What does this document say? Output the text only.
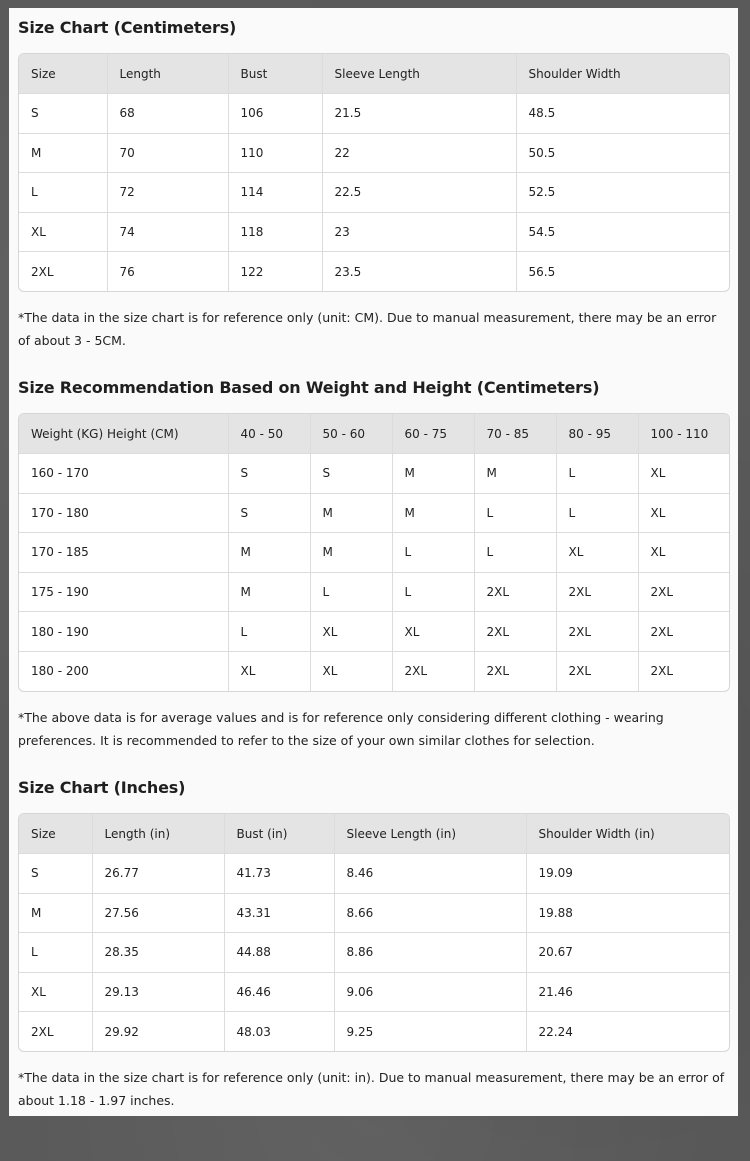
Size Chart (Centimeters)
Size	Length	Bust	Sleeve Length	Shoulder Width
S	68	106	21.5	48.5
M	70	110	22	50.5
L	72	114	22.5	52.5
XL	74	118	23	54.5
2XL	76	122	23.5	56.5
*The data in the size chart is for reference only (unit: CM). Due to manual measurement, there may be an error of about 3 - 5CM.
Size Recommendation Based on Weight and Height (Centimeters)
Weight (KG) Height (CM)	40 - 50	50 - 60	60 - 75	70 - 85	80 - 95	100 - 110
160 - 170	S	S	M	M	L	XL
170 - 180	S	M	M	L	L	XL
170 - 185	M	M	L	L	XL	XL
175 - 190	M	L	L	2XL	2XL	2XL
180 - 190	L	XL	XL	2XL	2XL	2XL
180 - 200	XL	XL	2XL	2XL	2XL	2XL
*The above data is for average values and is for reference only considering different clothing - wearing preferences. It is recommended to refer to the size of your own similar clothes for selection.
Size Chart (Inches)
Size	Length (in)	Bust (in)	Sleeve Length (in)	Shoulder Width (in)
S	26.77	41.73	8.46	19.09
M	27.56	43.31	8.66	19.88
L	28.35	44.88	8.86	20.67
XL	29.13	46.46	9.06	21.46
2XL	29.92	48.03	9.25	22.24
*The data in the size chart is for reference only (unit: in). Due to manual measurement, there may be an error of about 1.18 - 1.97 inches.
